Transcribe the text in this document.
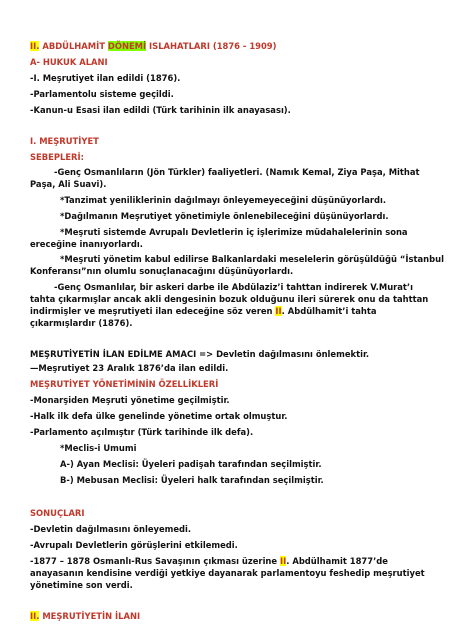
II. ABDÜLHAMİT DÖNEMİ ISLAHATLARI (1876 - 1909)
A- HUKUK ALANI
-I. Meşrutiyet ilan edildi (1876).
-Parlamentolu sisteme geçildi.
-Kanun-u Esasi ilan edildi (Türk tarihinin ilk anayasası).
I. MEŞRUTİYET
SEBEPLERİ:
-Genç Osmanlıların (Jön Türkler) faaliyetleri. (Namık Kemal, Ziya Paşa, Mithat
Paşa, Ali Suavi).
*Tanzimat yeniliklerinin dağılmayı önleyemeyeceğini düşünüyorlardı.
*Dağılmanın Meşrutiyet yönetimiyle önlenebileceğini düşünüyorlardı.
*Meşruti sistemde Avrupalı Devletlerin iç işlerimize müdahalelerinin sona
ereceğine inanıyorlardı.
*Meşruti yönetim kabul edilirse Balkanlardaki meselelerin görüşüldüğü “İstanbul
Konferansı”nın olumlu sonuçlanacağını düşünüyorlardı.
-Genç Osmanlılar, bir askeri darbe ile Abdülaziz’i tahttan indirerek V.Murat’ı
tahta çıkarmışlar ancak akli dengesinin bozuk olduğunu ileri sürerek onu da tahttan
indirmişler ve meşrutiyeti ilan edeceğine söz veren II. Abdülhamit’i tahta
çıkarmışlardır (1876).
MEŞRUTİYETİN İLAN EDİLME AMACI => Devletin dağılmasını önlemektir.
—Meşrutiyet 23 Aralık 1876’da ilan edildi.
MEŞRUTİYET YÖNETİMİNİN ÖZELLİKLERİ
-Monarşiden Meşruti yönetime geçilmiştir.
-Halk ilk defa ülke genelinde yönetime ortak olmuştur.
-Parlamento açılmıştır (Türk tarihinde ilk defa).
*Meclis-i Umumi
A-) Ayan Meclisi: Üyeleri padişah tarafından seçilmiştir.
B-) Mebusan Meclisi: Üyeleri halk tarafından seçilmiştir.
SONUÇLARI
-Devletin dağılmasını önleyemedi.
-Avrupalı Devletlerin görüşlerini etkilemedi.
-1877 – 1878 Osmanlı-Rus Savaşının çıkması üzerine II. Abdülhamit 1877’de
anayasanın kendisine verdiği yetkiye dayanarak parlamentoyu feshedip meşrutiyet
yönetimine son verdi.
II. MEŞRUTİYETİN İLANI
